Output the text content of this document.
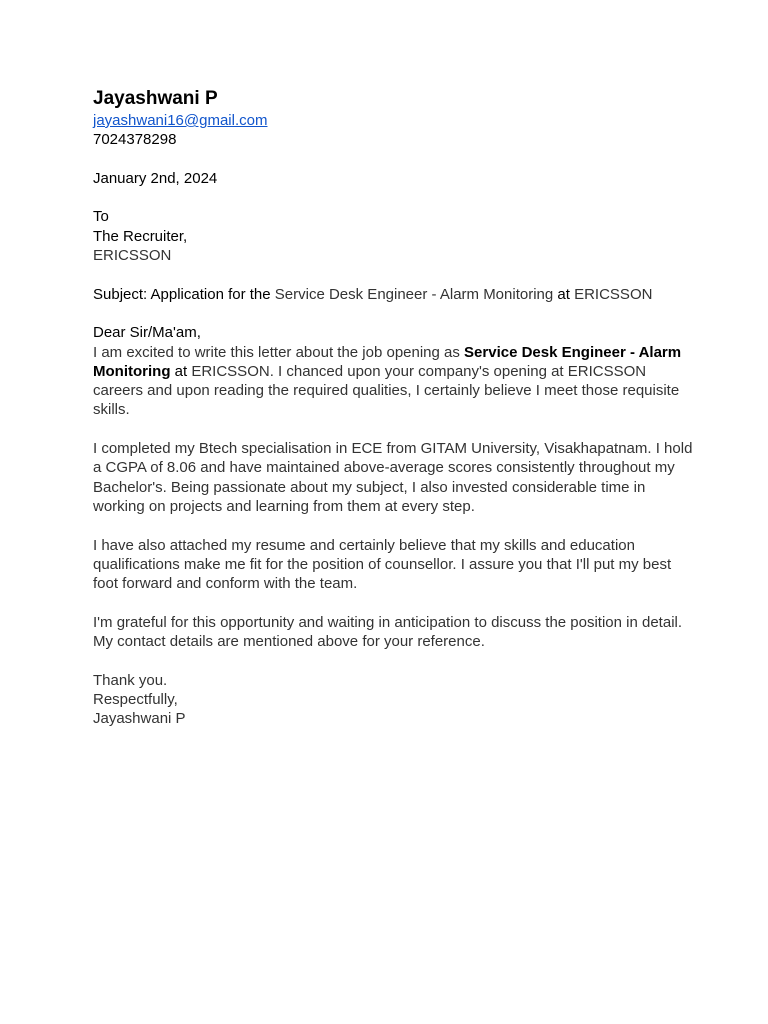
Jayashwani P
jayashwani16@gmail.com
7024378298
January 2nd, 2024
To
The Recruiter,
ERICSSON
Subject: Application for the Service Desk Engineer - Alarm Monitoring at ERICSSON
Dear Sir/Ma'am,

I am excited to write this letter about the job opening as Service Desk Engineer - Alarm Monitoring at ERICSSON. I chanced upon your company's opening at ERICSSON careers and upon reading the required qualities, I certainly believe I meet those requisite skills.

I completed my Btech specialisation in ECE from GITAM University, Visakhapatnam. I hold a CGPA of 8.06 and have maintained above-average scores consistently throughout my Bachelor's. Being passionate about my subject, I also invested considerable time in working on projects and learning from them at every step.

I have also attached my resume and certainly believe that my skills and education qualifications make me fit for the position of counsellor. I assure you that I'll put my best foot forward and conform with the team.

I'm grateful for this opportunity and waiting in anticipation to discuss the position in detail. My contact details are mentioned above for your reference.

Thank you.
Respectfully,
Jayashwani P
